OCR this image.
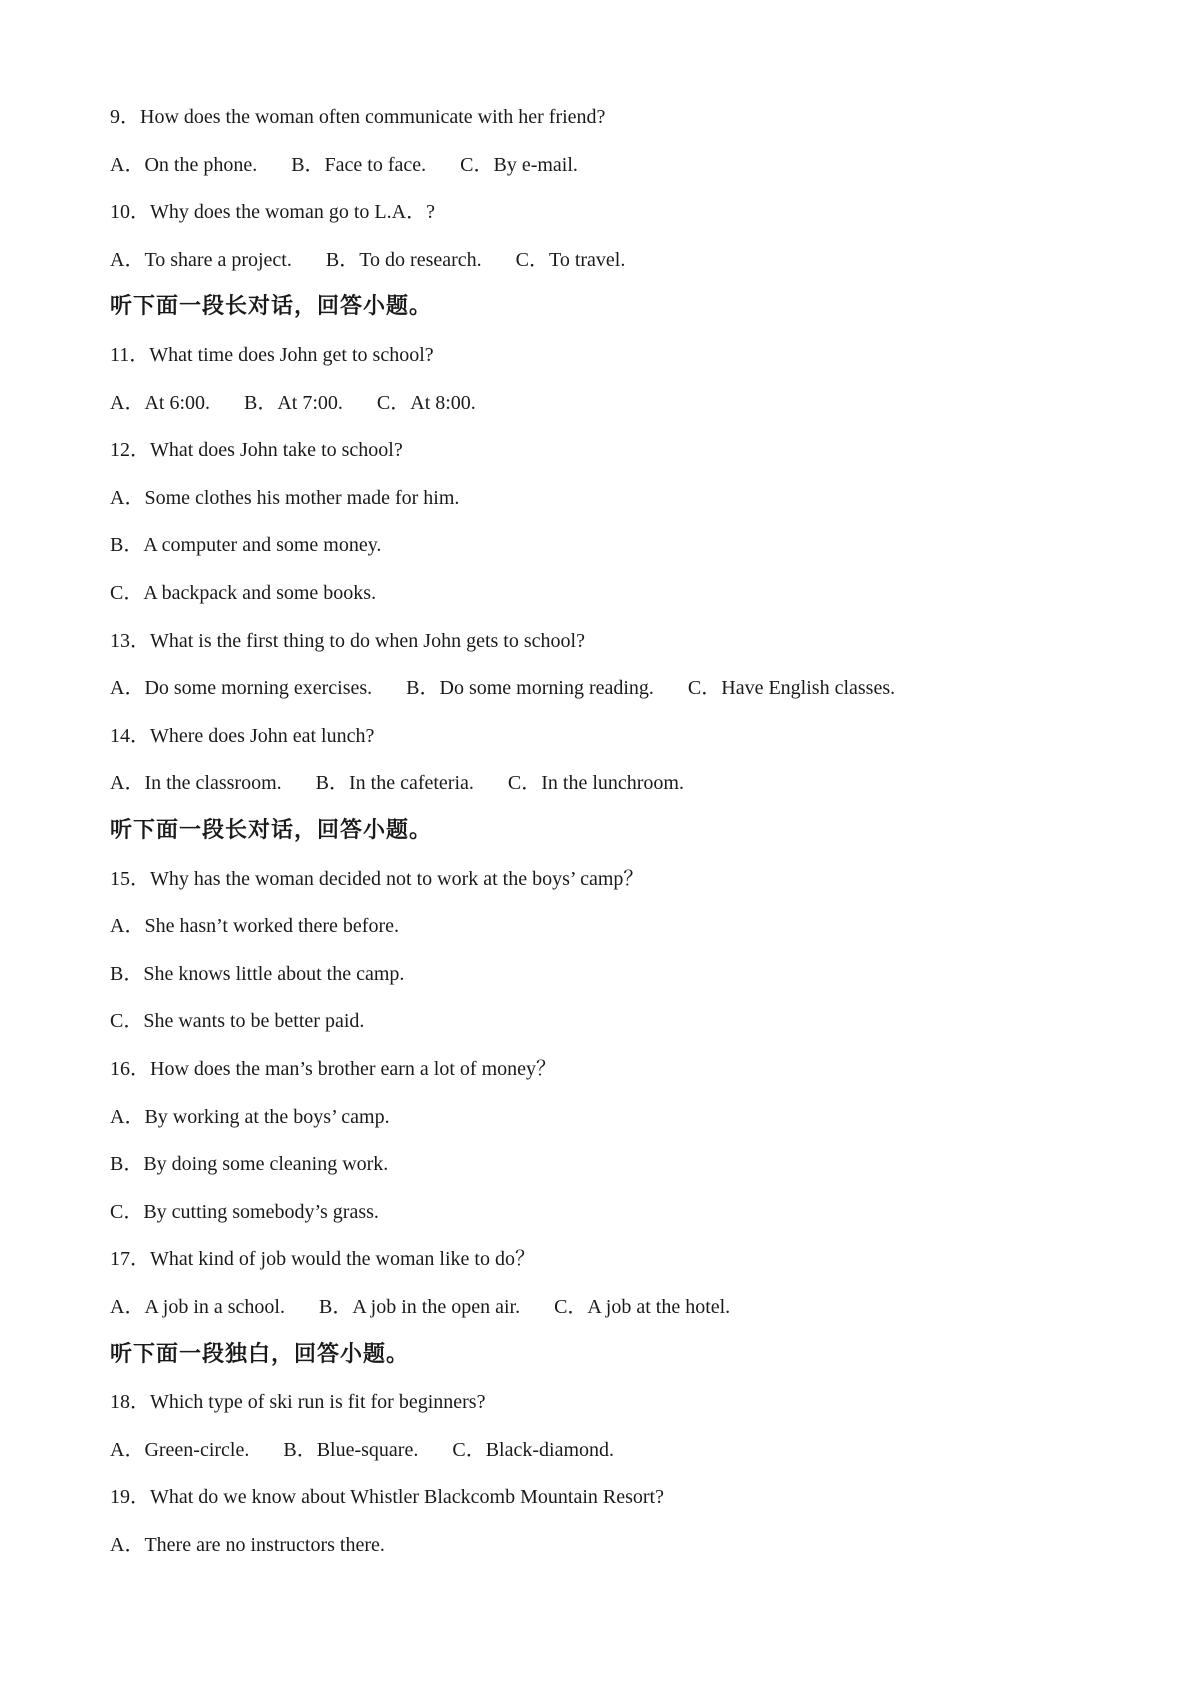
9．How does the woman often communicate with her friend?
A．On the phone. B．Face to face. C．By e-mail.
10．Why does the woman go to L.A．?
A．To share a project. B．To do research. C．To travel.
听下面一段长对话，回答小题。
11．What time does John get to school?
A．At 6:00. B．At 7:00. C．At 8:00.
12．What does John take to school?
A．Some clothes his mother made for him.
B．A computer and some money.
C．A backpack and some books.
13．What is the first thing to do when John gets to school?
A．Do some morning exercises. B．Do some morning reading. C．Have English classes.
14．Where does John eat lunch?
A．In the classroom. B．In the cafeteria. C．In the lunchroom.
听下面一段长对话，回答小题。
15．Why has the woman decided not to work at the boys’ camp？
A．She hasn’t worked there before.
B．She knows little about the camp.
C．She wants to be better paid.
16．How does the man’s brother earn a lot of money？
A．By working at the boys’ camp.
B．By doing some cleaning work.
C．By cutting somebody’s grass.
17．What kind of job would the woman like to do？
A．A job in a school. B．A job in the open air. C．A job at the hotel.
听下面一段独白，回答小题。
18．Which type of ski run is fit for beginners?
A．Green-circle. B．Blue-square. C．Black-diamond.
19．What do we know about Whistler Blackcomb Mountain Resort?
A．There are no instructors there.
